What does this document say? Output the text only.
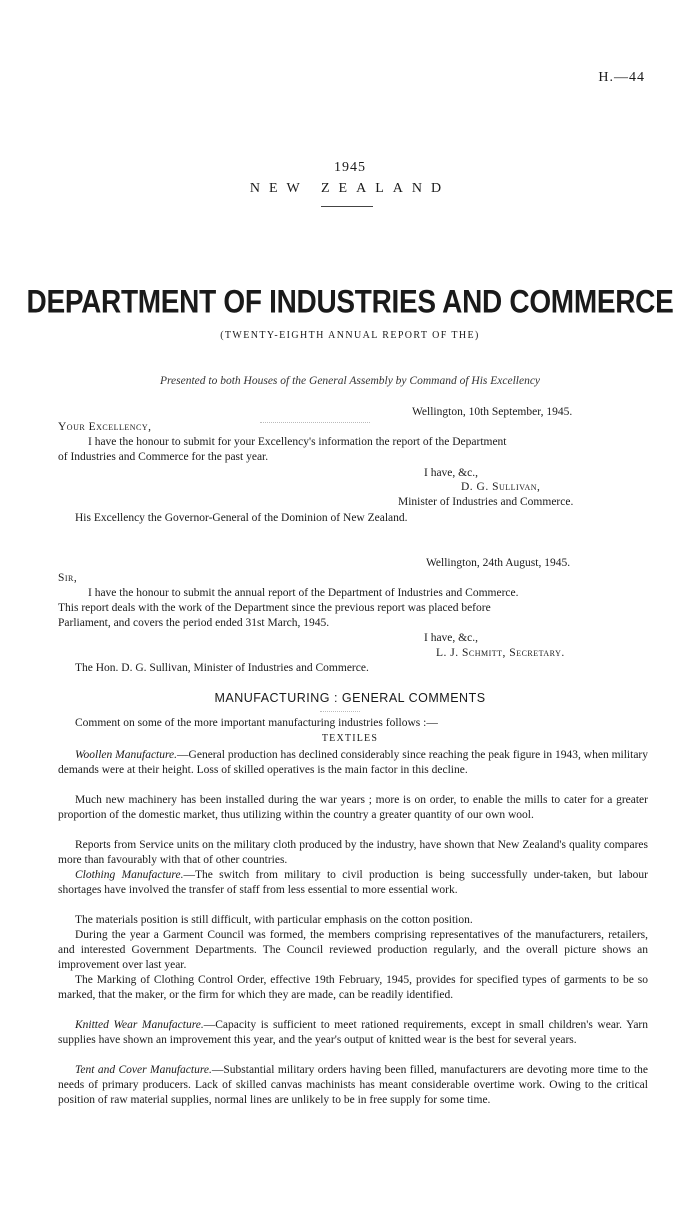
H.—44
1945
NEW ZEALAND
DEPARTMENT OF INDUSTRIES AND COMMERCE
(TWENTY-EIGHTH ANNUAL REPORT OF THE)
Presented to both Houses of the General Assembly by Command of His Excellency
Wellington, 10th September, 1945.
Your Excellency,
I have the honour to submit for your Excellency's information the report of the Department
of Industries and Commerce for the past year.
I have, &c.,
D. G. Sullivan,
Minister of Industries and Commerce.
His Excellency the Governor-General of the Dominion of New Zealand.
Wellington, 24th August, 1945.
Sir,
I have the honour to submit the annual report of the Department of Industries and Commerce.
This report deals with the work of the Department since the previous report was placed before
Parliament, and covers the period ended 31st March, 1945.
I have, &c.,
L. J. Schmitt, Secretary.
The Hon. D. G. Sullivan, Minister of Industries and Commerce.
MANUFACTURING : GENERAL COMMENTS
Comment on some of the more important manufacturing industries follows :—
TEXTILES
Woollen Manufacture.—General production has declined considerably since reaching the peak figure in 1943, when military demands were at their height. Loss of skilled operatives is the main factor in this decline.
Much new machinery has been installed during the war years ; more is on order, to enable the mills to cater for a greater proportion of the domestic market, thus utilizing within the country a greater quantity of our own wool.
Reports from Service units on the military cloth produced by the industry, have shown that New Zealand's quality compares more than favourably with that of other countries.
Clothing Manufacture.—The switch from military to civil production is being successfully under-taken, but labour shortages have involved the transfer of staff from less essential to more essential work.
The materials position is still difficult, with particular emphasis on the cotton position.
During the year a Garment Council was formed, the members comprising representatives of the manufacturers, retailers, and interested Government Departments. The Council reviewed production regularly, and the overall picture shows an improvement over last year.
The Marking of Clothing Control Order, effective 19th February, 1945, provides for specified types of garments to be so marked, that the maker, or the firm for which they are made, can be readily identified.
Knitted Wear Manufacture.—Capacity is sufficient to meet rationed requirements, except in small children's wear. Yarn supplies have shown an improvement this year, and the year's output of knitted wear is the best for several years.
Tent and Cover Manufacture.—Substantial military orders having been filled, manufacturers are devoting more time to the needs of primary producers. Lack of skilled canvas machinists has meant considerable overtime work. Owing to the critical position of raw material supplies, normal lines are unlikely to be in free supply for some time.
